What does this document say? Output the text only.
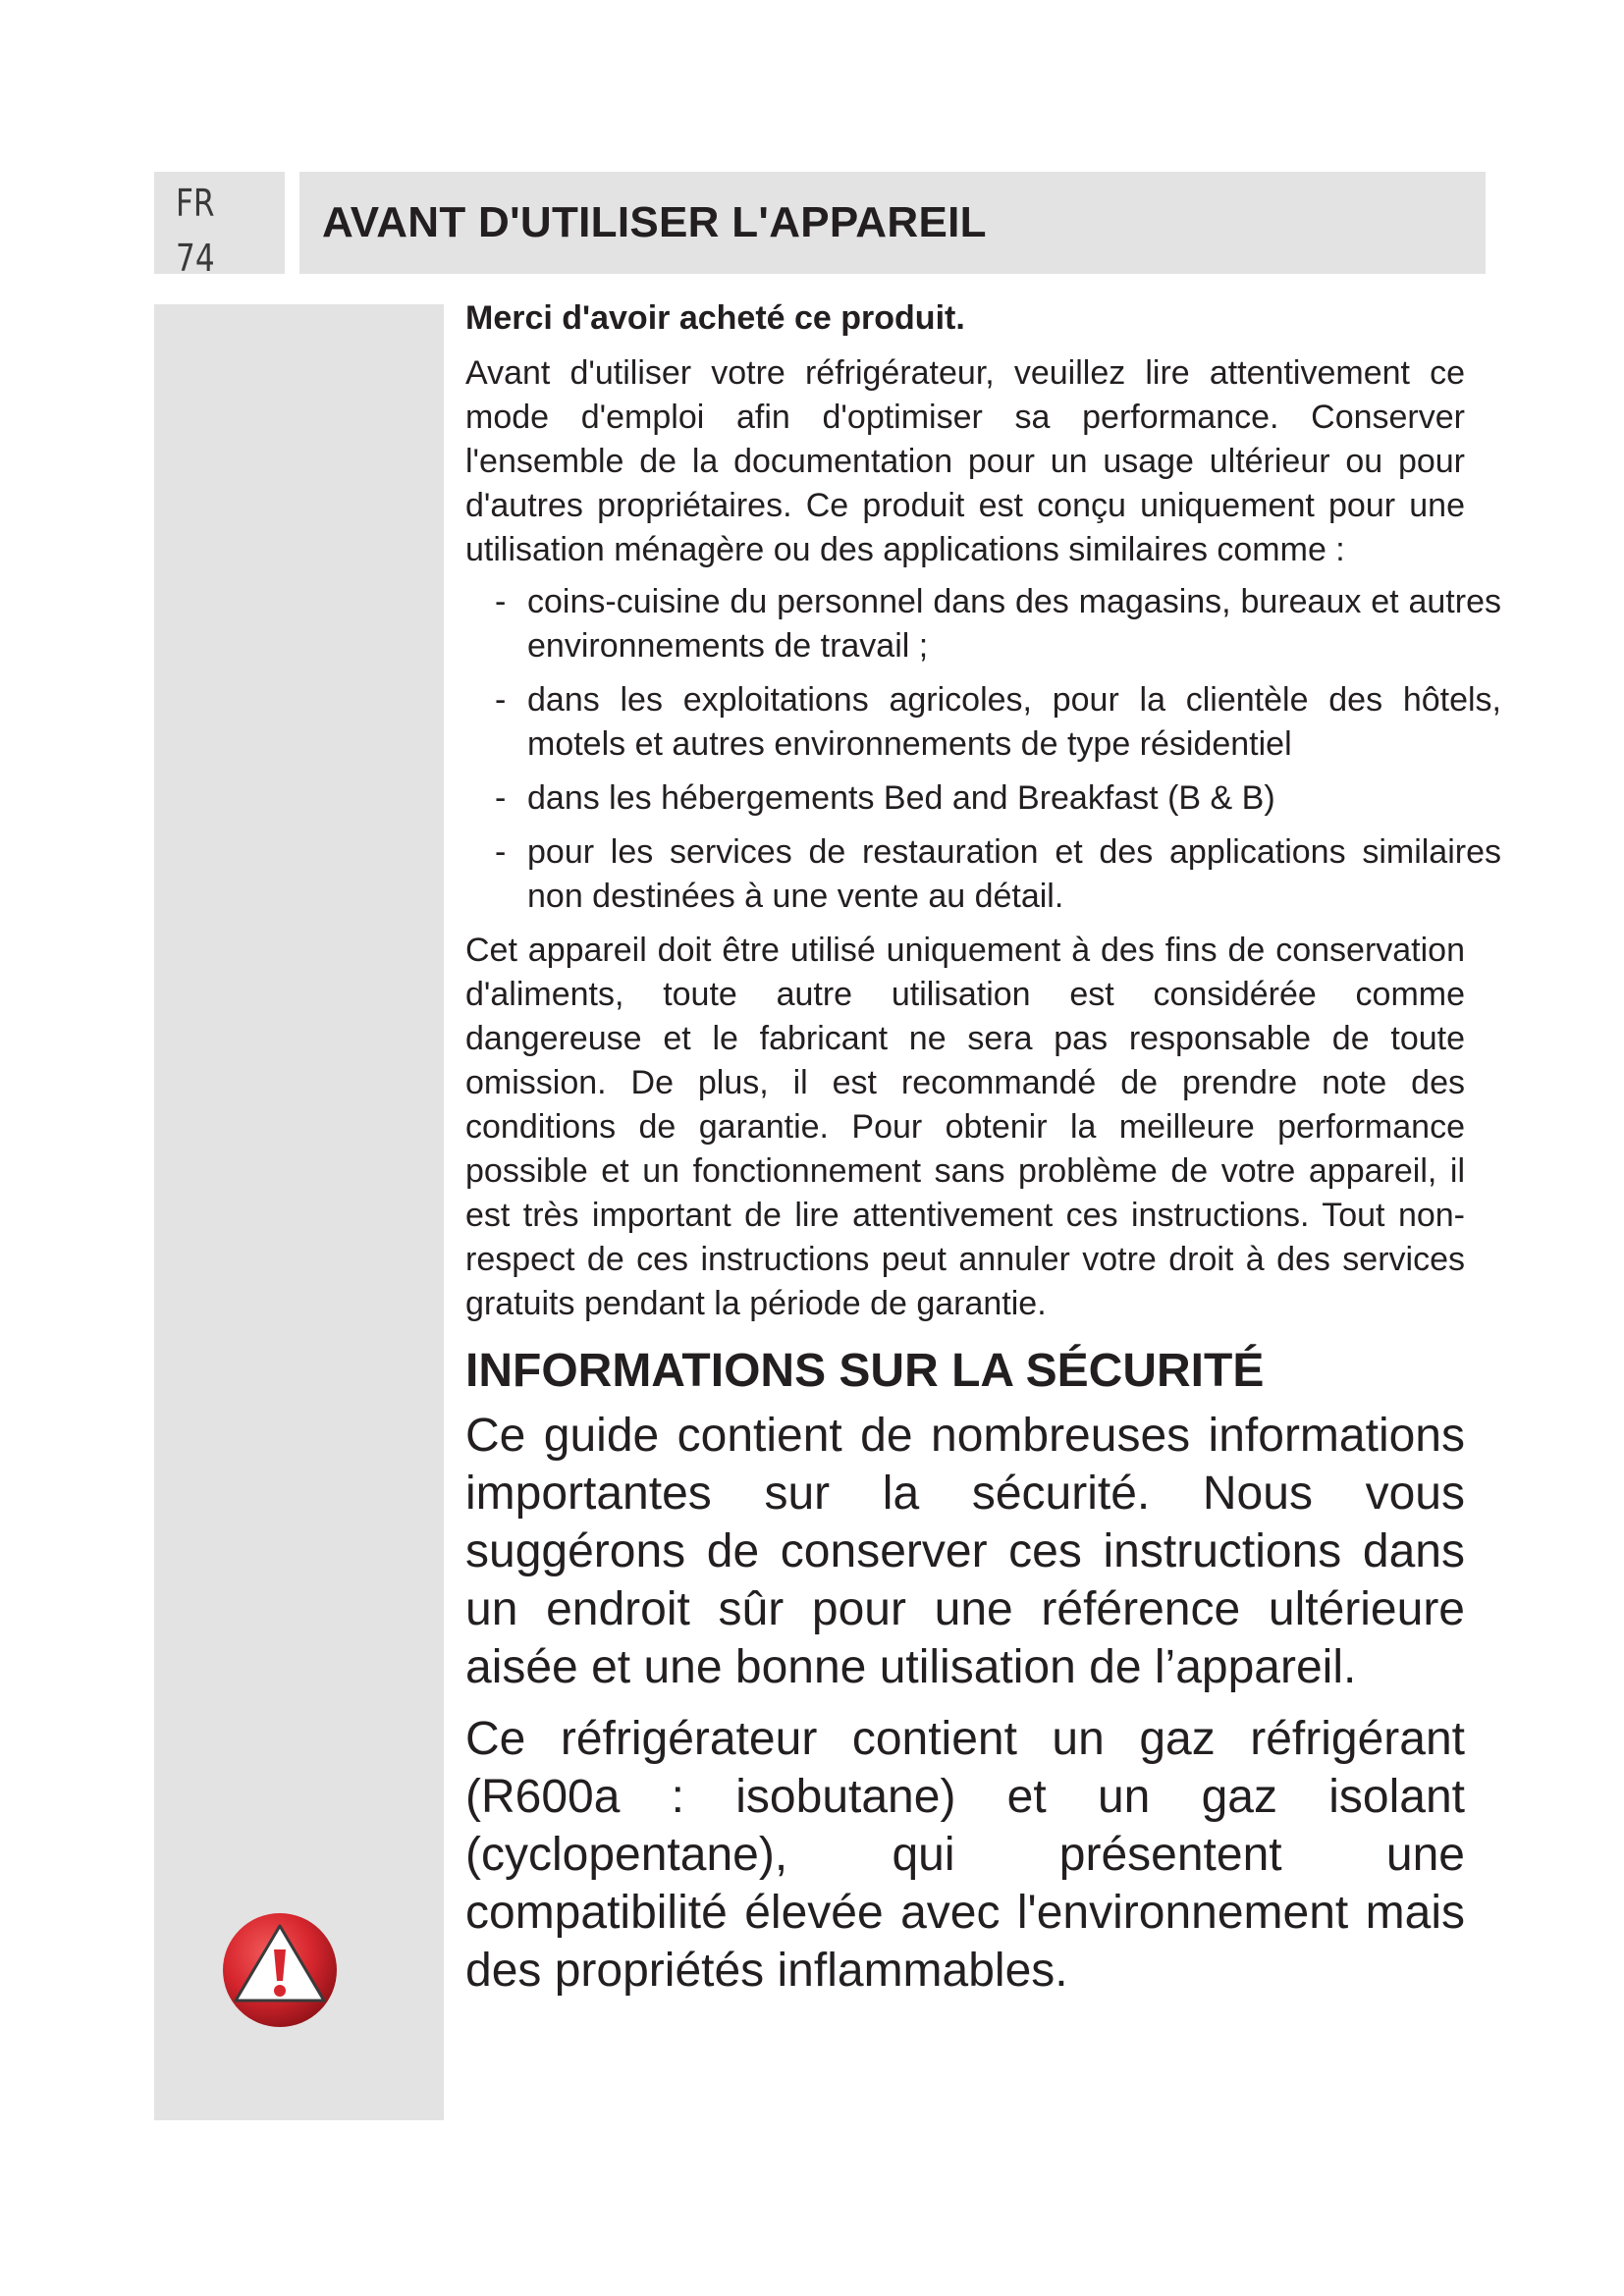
FR
74
AVANT D'UTILISER L'APPAREIL

Merci d'avoir acheté ce produit.

Avant d'utiliser votre réfrigérateur, veuillez lire attentivement ce mode d'emploi afin d'optimiser sa performance. Conserver l'ensemble de la documentation pour un usage ultérieur ou pour d'autres propriétaires. Ce produit est conçu uniquement pour une utilisation ménagère ou des applications similaires comme :

- coins-cuisine du personnel dans des magasins, bureaux et autres environnements de travail ;
- dans les exploitations agricoles, pour la clientèle des hôtels, motels et autres environnements de type résidentiel
- dans les hébergements Bed and Breakfast (B & B)
- pour les services de restauration et des applications similaires non destinées à une vente au détail.

Cet appareil doit être utilisé uniquement à des fins de conservation d'aliments, toute autre utilisation est considérée comme dangereuse et le fabricant ne sera pas responsable de toute omission. De plus, il est recommandé de prendre note des conditions de garantie. Pour obtenir la meilleure performance possible et un fonctionnement sans problème de votre appareil, il est très important de lire attentivement ces instructions. Tout non-respect de ces instructions peut annuler votre droit à des services gratuits pendant la période de garantie.

INFORMATIONS SUR LA SÉCURITÉ

Ce guide contient de nombreuses informations importantes sur la sécurité. Nous vous suggérons de conserver ces instructions dans un endroit sûr pour une référence ultérieure aisée et une bonne utilisation de l’appareil.

Ce réfrigérateur contient un gaz réfrigérant (R600a : isobutane) et un gaz isolant (cyclopentane), qui présentent une compatibilité élevée avec l'environnement mais des propriétés inflammables.
